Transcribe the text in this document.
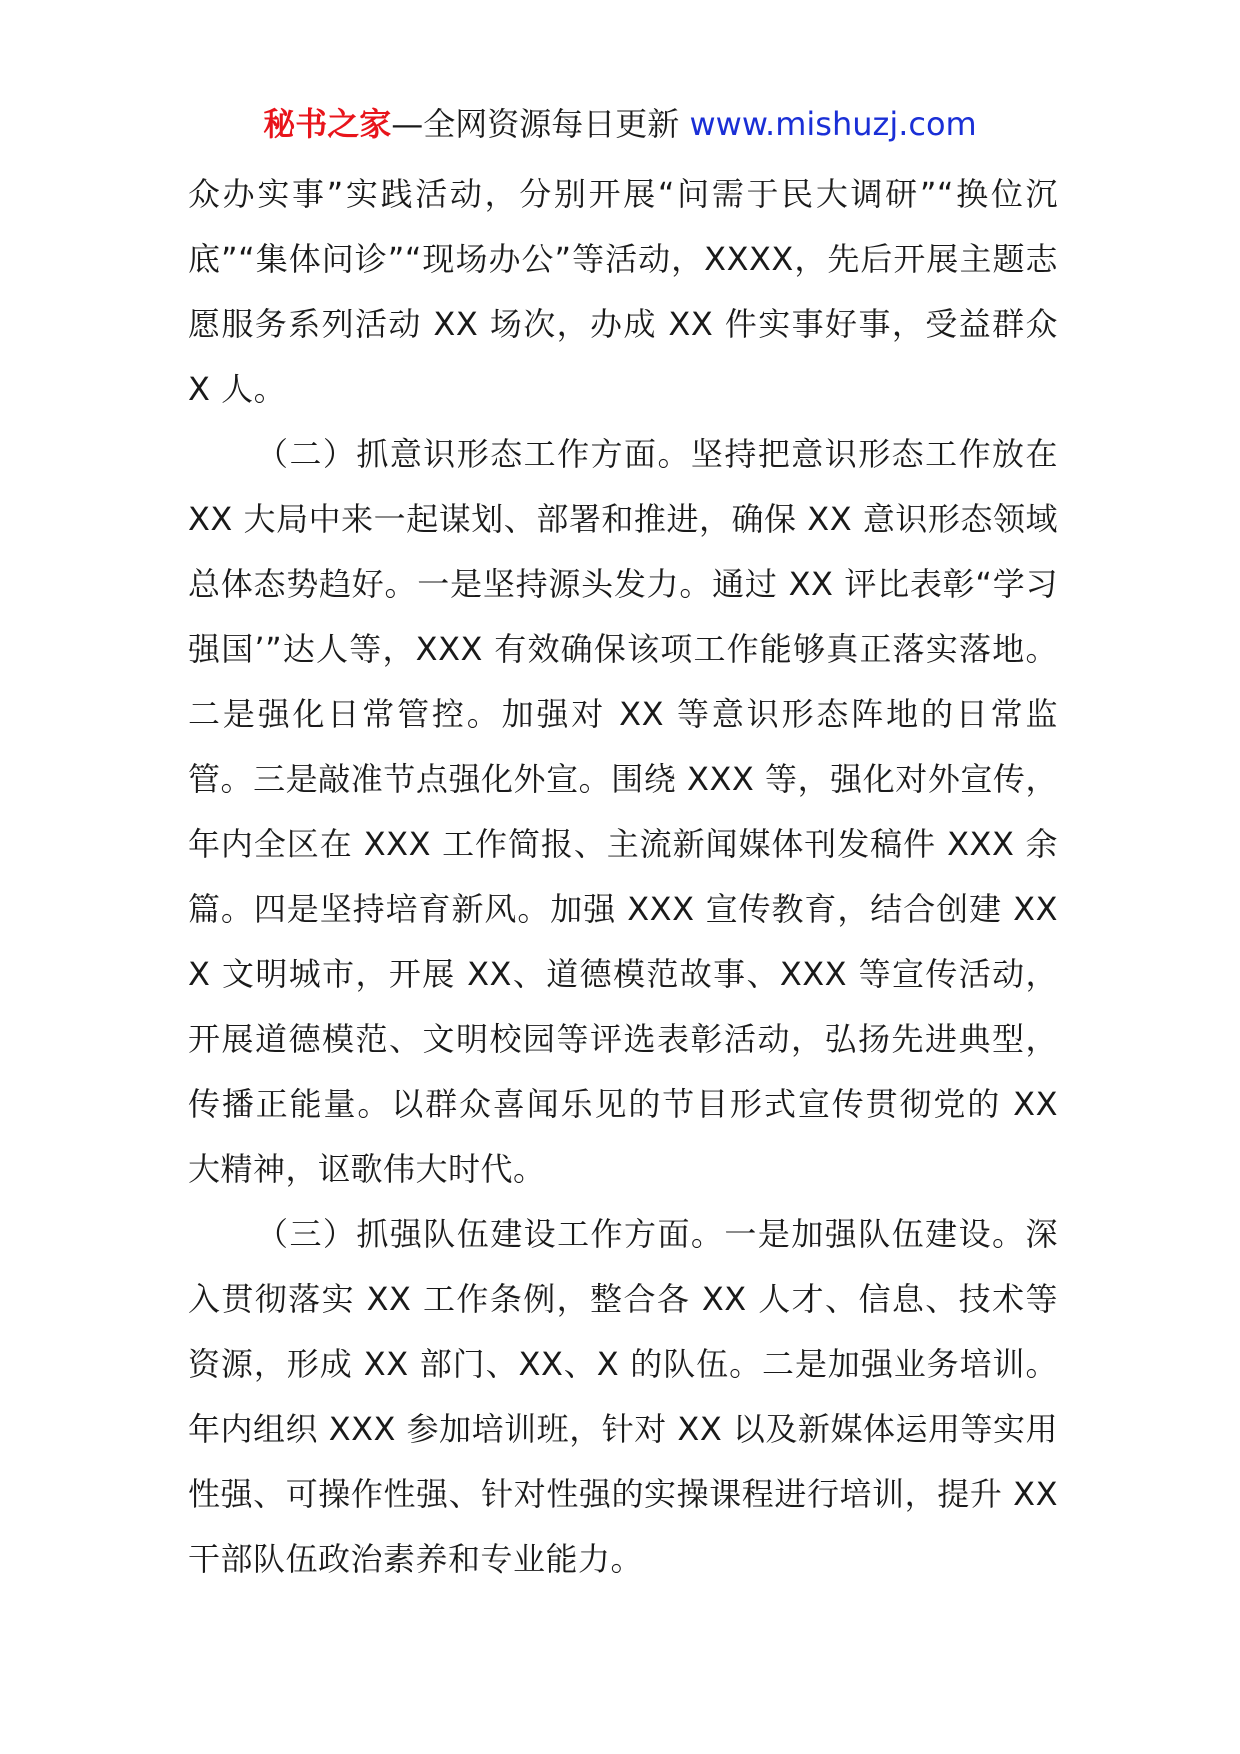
秘书之家—全网资源每日更新 www.mishuzj.com

众办实事”实践活动，分别开展“问需于民大调研”“换位沉底”“集体问诊”“现场办公”等活动，XXXX，先后开展主题志愿服务系列活动 XX 场次，办成 XX 件实事好事，受益群众 X 人。

（二）抓意识形态工作方面。坚持把意识形态工作放在 XX 大局中来一起谋划、部署和推进，确保 XX 意识形态领域总体态势趋好。一是坚持源头发力。通过 XX 评比表彰“学习强国’”达人等，XXX 有效确保该项工作能够真正落实落地。二是强化日常管控。加强对 XX 等意识形态阵地的日常监管。三是敲准节点强化外宣。围绕 XXX 等，强化对外宣传，年内全区在 XXX 工作简报、主流新闻媒体刊发稿件 XXX 余篇。四是坚持培育新风。加强 XXX 宣传教育，结合创建 XXX 文明城市，开展 XX、道德模范故事、XXX 等宣传活动，开展道德模范、文明校园等评选表彰活动，弘扬先进典型，传播正能量。以群众喜闻乐见的节目形式宣传贯彻党的 XX 大精神，讴歌伟大时代。

（三）抓强队伍建设工作方面。一是加强队伍建设。深入贯彻落实 XX 工作条例，整合各 XX 人才、信息、技术等资源，形成 XX 部门、XX、X 的队伍。二是加强业务培训。年内组织 XXX 参加培训班，针对 XX 以及新媒体运用等实用性强、可操作性强、针对性强的实操课程进行培训，提升 XX 干部队伍政治素养和专业能力。
